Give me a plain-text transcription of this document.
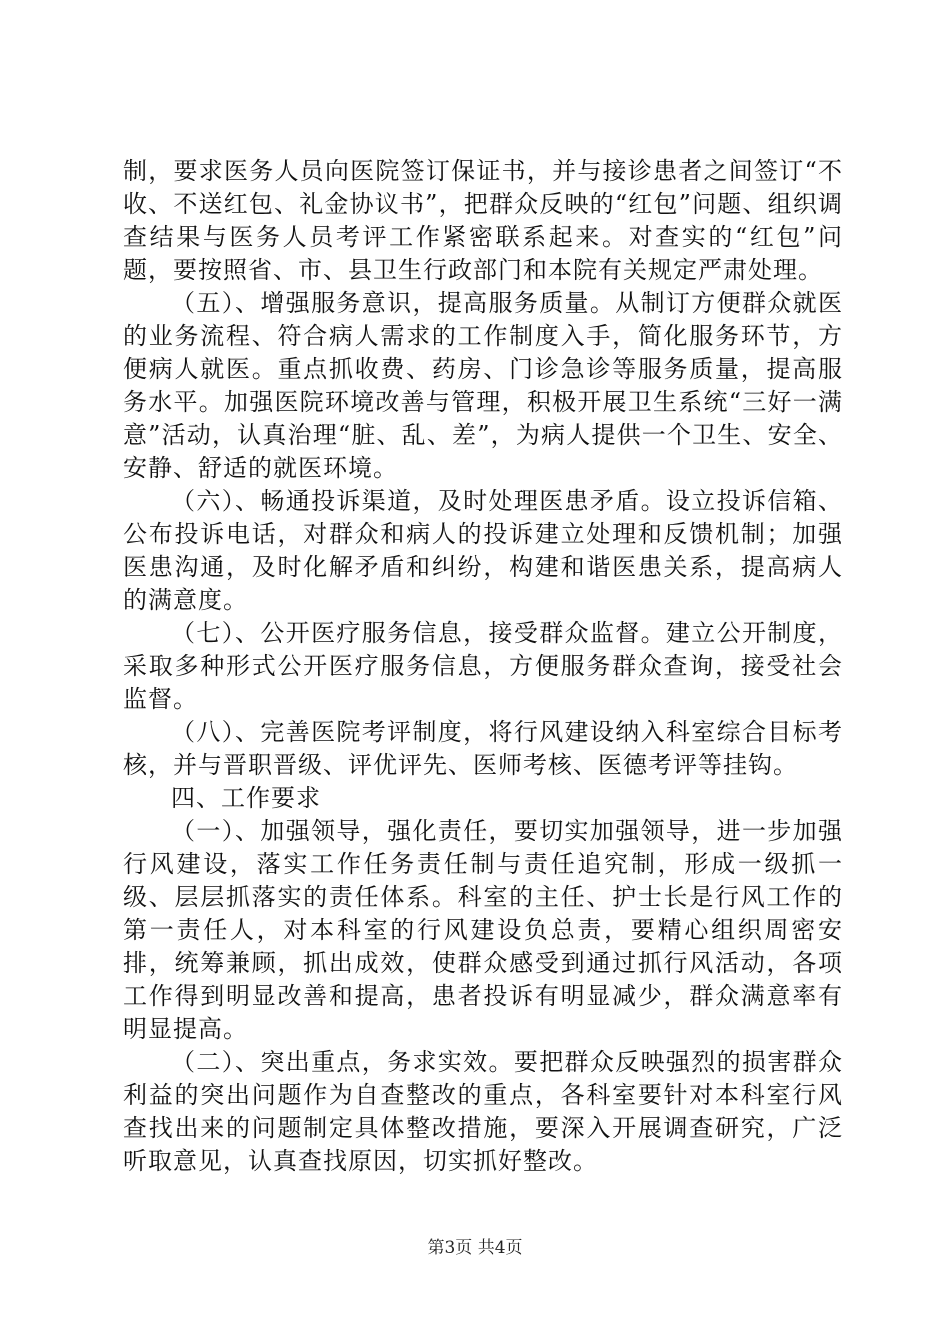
制，要求医务人员向医院签订保证书，并与接诊患者之间签订“不收、不送红包、礼金协议书”，把群众反映的“红包”问题、组织调查结果与医务人员考评工作紧密联系起来。对查实的“红包”问题，要按照省、市、县卫生行政部门和本院有关规定严肃处理。

（五）、增强服务意识，提高服务质量。从制订方便群众就医的业务流程、符合病人需求的工作制度入手，简化服务环节，方便病人就医。重点抓收费、药房、门诊急诊等服务质量，提高服务水平。加强医院环境改善与管理，积极开展卫生系统“三好一满意”活动，认真治理“脏、乱、差”，为病人提供一个卫生、安全、安静、舒适的就医环境。

（六）、畅通投诉渠道，及时处理医患矛盾。设立投诉信箱、公布投诉电话，对群众和病人的投诉建立处理和反馈机制；加强医患沟通，及时化解矛盾和纠纷，构建和谐医患关系，提高病人的满意度。

（七）、公开医疗服务信息，接受群众监督。建立公开制度，采取多种形式公开医疗服务信息，方便服务群众查询，接受社会监督。

（八）、完善医院考评制度，将行风建设纳入科室综合目标考核，并与晋职晋级、评优评先、医师考核、医德考评等挂钩。

四、工作要求

（一）、加强领导，强化责任，要切实加强领导，进一步加强行风建设，落实工作任务责任制与责任追究制，形成一级抓一级、层层抓落实的责任体系。科室的主任、护士长是行风工作的第一责任人，对本科室的行风建设负总责，要精心组织周密安排，统筹兼顾，抓出成效，使群众感受到通过抓行风活动，各项工作得到明显改善和提高，患者投诉有明显减少，群众满意率有明显提高。

（二）、突出重点，务求实效。要把群众反映强烈的损害群众利益的突出问题作为自查整改的重点，各科室要针对本科室行风查找出来的问题制定具体整改措施，要深入开展调查研究，广泛听取意见，认真查找原因，切实抓好整改。

第3页 共4页
